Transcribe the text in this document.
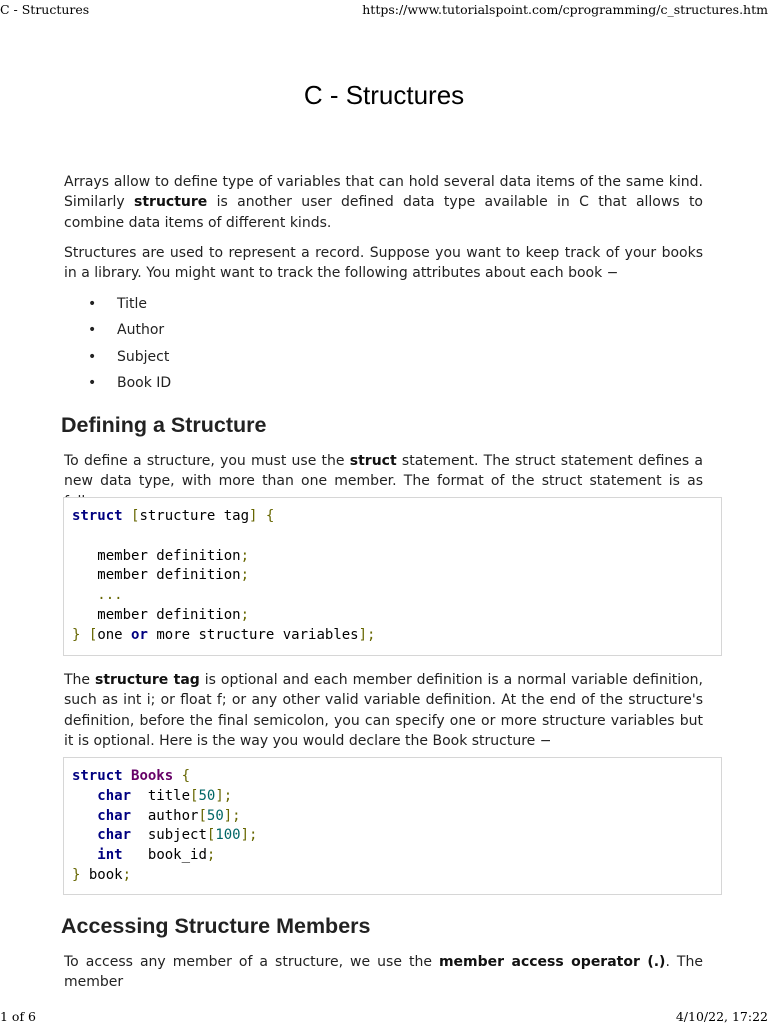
C - Structures	https://www.tutorialspoint.com/cprogramming/c_structures.htm
C - Structures

Arrays allow to define type of variables that can hold several data items of the same kind. Similarly structure is another user defined data type available in C that allows to combine data items of different kinds.

Structures are used to represent a record. Suppose you want to keep track of your books in a library. You might want to track the following attributes about each book −

• Title
• Author
• Subject
• Book ID
Defining a Structure

To define a structure, you must use the struct statement. The struct statement defines a new data type, with more than one member. The format of the struct statement is as

struct [structure tag] {

member definition;
member definition;
...
member definition;
} [one or more structure variables];

The structure tag is optional and each member definition is a normal variable definition, such as int i; or float f; or any other valid variable definition. At the end of the structure's definition, before the final semicolon, you can specify one or more structure variables but it is optional. Here is the way you would declare the Book structure −

struct Books {
char title[50];
char author[50];
char subject[100];
int book_id;
} book;
Accessing Structure Members

To access any member of a structure, we use the member access operator (.). The member

1 of 6	4/10/22, 17:22
